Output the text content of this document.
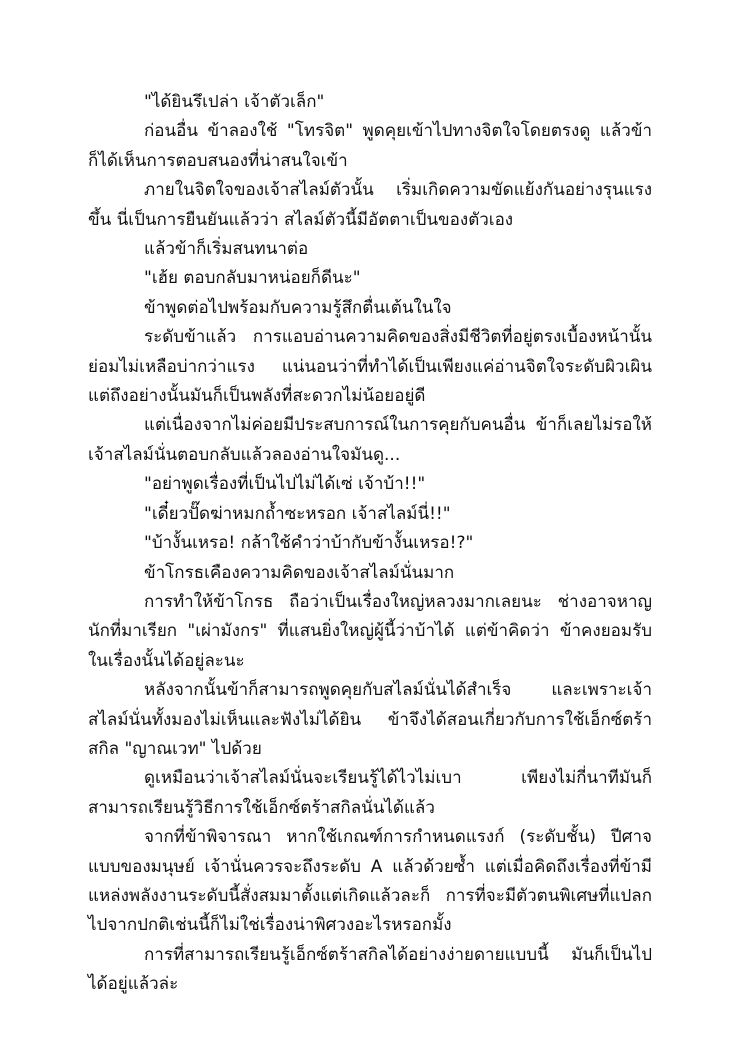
"ได้ยินรึเปล่า เจ้าตัวเล็ก"

ก่อนอื่น ข้าลองใช้ "โทรจิต" พูดคุยเข้าไปทางจิตใจโดยตรงดู แล้วข้าก็ได้เห็นการตอบสนองที่น่าสนใจเข้า

ภายในจิตใจของเจ้าสไลม์ตัวนั้น เริ่มเกิดความขัดแย้งกันอย่างรุนแรงขึ้น นี่เป็นการยืนยันแล้วว่า สไลม์ตัวนี้มีอัตตาเป็นของตัวเอง

แล้วข้าก็เริ่มสนทนาต่อ

"เฮ้ย ตอบกลับมาหน่อยก็ดีนะ"

ข้าพูดต่อไปพร้อมกับความรู้สึกตื่นเต้นในใจ

ระดับข้าแล้ว การแอบอ่านความคิดของสิ่งมีชีวิตที่อยู่ตรงเบื้องหน้านั้น ย่อมไม่เหลือบ่ากว่าแรง แน่นอนว่าที่ทำได้เป็นเพียงแค่อ่านจิตใจระดับผิวเผิน แต่ถึงอย่างนั้นมันก็เป็นพลังที่สะดวกไม่น้อยอยู่ดี

แต่เนื่องจากไม่ค่อยมีประสบการณ์ในการคุยกับคนอื่น ข้าก็เลยไม่รอให้เจ้าสไลม์นั่นตอบกลับแล้วลองอ่านใจมันดู...

"อย่าพูดเรื่องที่เป็นไปไม่ได้เซ่ เจ้าบ้า!!"

"เดี๋ยวปั๊ดฆ่าหมกถ้ำซะหรอก เจ้าสไลม์นี่!!"

"บ้างั้นเหรอ! กล้าใช้คำว่าบ้ากับข้างั้นเหรอ!?"

ข้าโกรธเคืองความคิดของเจ้าสไลม์นั่นมาก

การทำให้ข้าโกรธ ถือว่าเป็นเรื่องใหญ่หลวงมากเลยนะ ช่างอาจหาญนักที่มาเรียก "เผ่ามังกร" ที่แสนยิ่งใหญ่ผู้นี้ว่าบ้าได้ แต่ข้าคิดว่า ข้าคงยอมรับในเรื่องนั้นได้อยู่ละนะ

หลังจากนั้นข้าก็สามารถพูดคุยกับสไลม์นั่นได้สำเร็จ และเพราะเจ้าสไลม์นั่นทั้งมองไม่เห็นและฟังไม่ได้ยิน ข้าจึงได้สอนเกี่ยวกับการใช้เอ็กซ์ตร้าสกิล "ญาณเวท" ไปด้วย

ดูเหมือนว่าเจ้าสไลม์นั่นจะเรียนรู้ได้ไวไม่เบา เพียงไม่กี่นาทีมันก็สามารถเรียนรู้วิธีการใช้เอ็กซ์ตร้าสกิลนั่นได้แล้ว

จากที่ข้าพิจารณา หากใช้เกณฑ์การกำหนดแรงก์ (ระดับชั้น) ปีศาจแบบของมนุษย์ เจ้านั่นควรจะถึงระดับ A แล้วด้วยซ้ำ แต่เมื่อคิดถึงเรื่องที่ข้ามีแหล่งพลังงานระดับนี้สั่งสมมาตั้งแต่เกิดแล้วละก็ การที่จะมีตัวตนพิเศษที่แปลกไปจากปกติเช่นนี้ก็ไม่ใช่เรื่องน่าพิศวงอะไรหรอกมั้ง

การที่สามารถเรียนรู้เอ็กซ์ตร้าสกิลได้อย่างง่ายดายแบบนี้ มันก็เป็นไปได้อยู่แล้วล่ะ
